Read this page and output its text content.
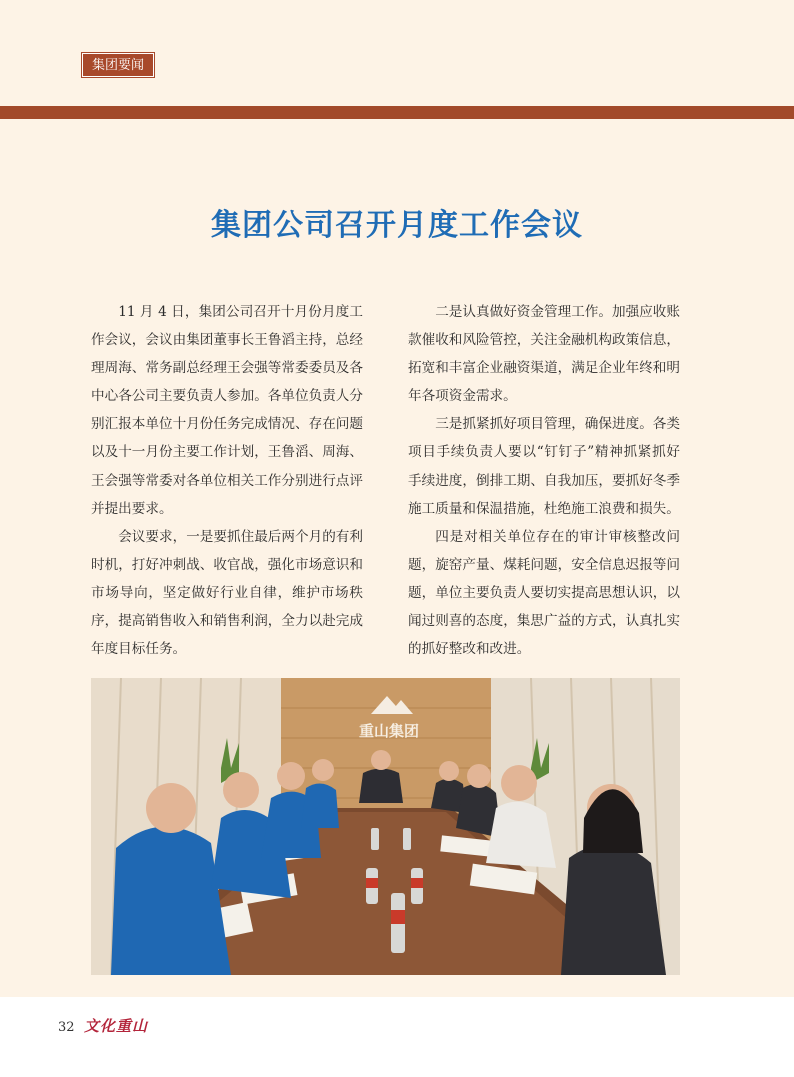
集团要闻
集团公司召开月度工作会议

11 月 4 日，集团公司召开十月份月度工作会议，会议由集团董事长王鲁滔主持，总经理周海、常务副总经理王会强等常委委员及各中心各公司主要负责人参加。各单位负责人分别汇报本单位十月份任务完成情况、存在问题以及十一月份主要工作计划，王鲁滔、周海、王会强等常委对各单位相关工作分别进行点评并提出要求。

会议要求，一是要抓住最后两个月的有利时机，打好冲刺战、收官战，强化市场意识和市场导向，坚定做好行业自律，维护市场秩序，提高销售收入和销售利润，全力以赴完成年度目标任务。

二是认真做好资金管理工作。加强应收账款催收和风险管控，关注金融机构政策信息，拓宽和丰富企业融资渠道，满足企业年终和明年各项资金需求。

三是抓紧抓好项目管理，确保进度。各类项目手续负责人要以“钉钉子”精神抓紧抓好手续进度，倒排工期、自我加压，要抓好冬季施工质量和保温措施，杜绝施工浪费和损失。

四是对相关单位存在的审计审核整改问题，旋窑产量、煤耗问题，安全信息迟报等问题，单位主要负责人要切实提高思想认识，以闻过则喜的态度，集思广益的方式，认真扎实的抓好整改和改进。

重山集团
32 文化重山
